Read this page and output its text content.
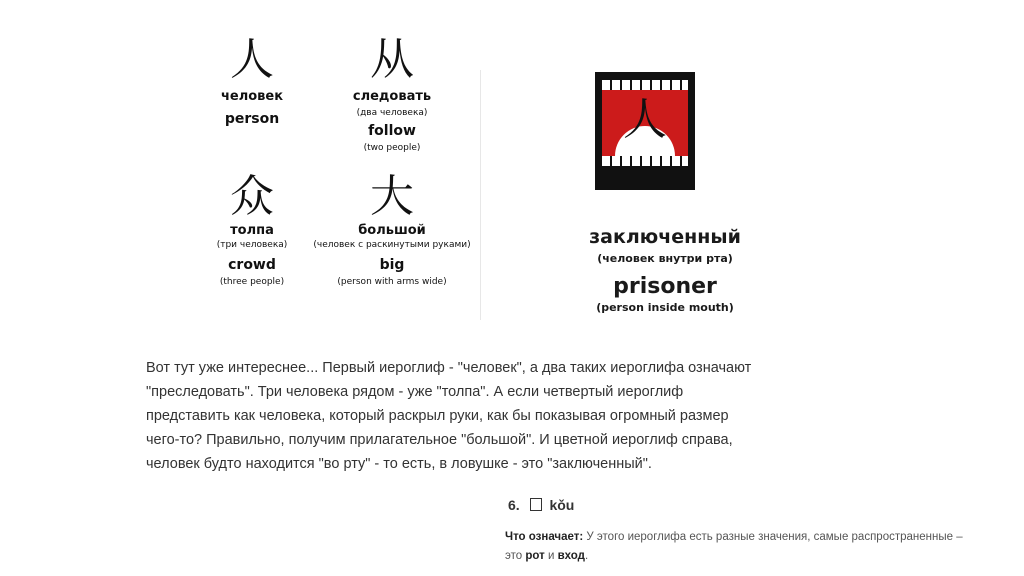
人
человек
person
从
следовать
(два человека)
follow
(two people)
众
толпа
(три человека)
crowd
(three people)
大
большой
(человек с раскинутыми руками)
big
(person with arms wide)
人
заключенный
(человек внутри рта)
prisoner
(person inside mouth)
Вот тут уже интереснее... Первый иероглиф - "человек", а два таких иероглифа означают
"преследовать". Три человека рядом - уже "толпа". А если четвертый иероглиф
представить как человека, который раскрыл руки, как бы показывая огромный размер
чего-то? Правильно, получим прилагательное "большой". И цветной иероглиф справа,
человек будто находится "во рту" - то есть, в ловушке - это "заключенный".
6. kǒu
Что означает: У этого иероглифа есть разные значения, самые распространенные –
это рот и вход.
